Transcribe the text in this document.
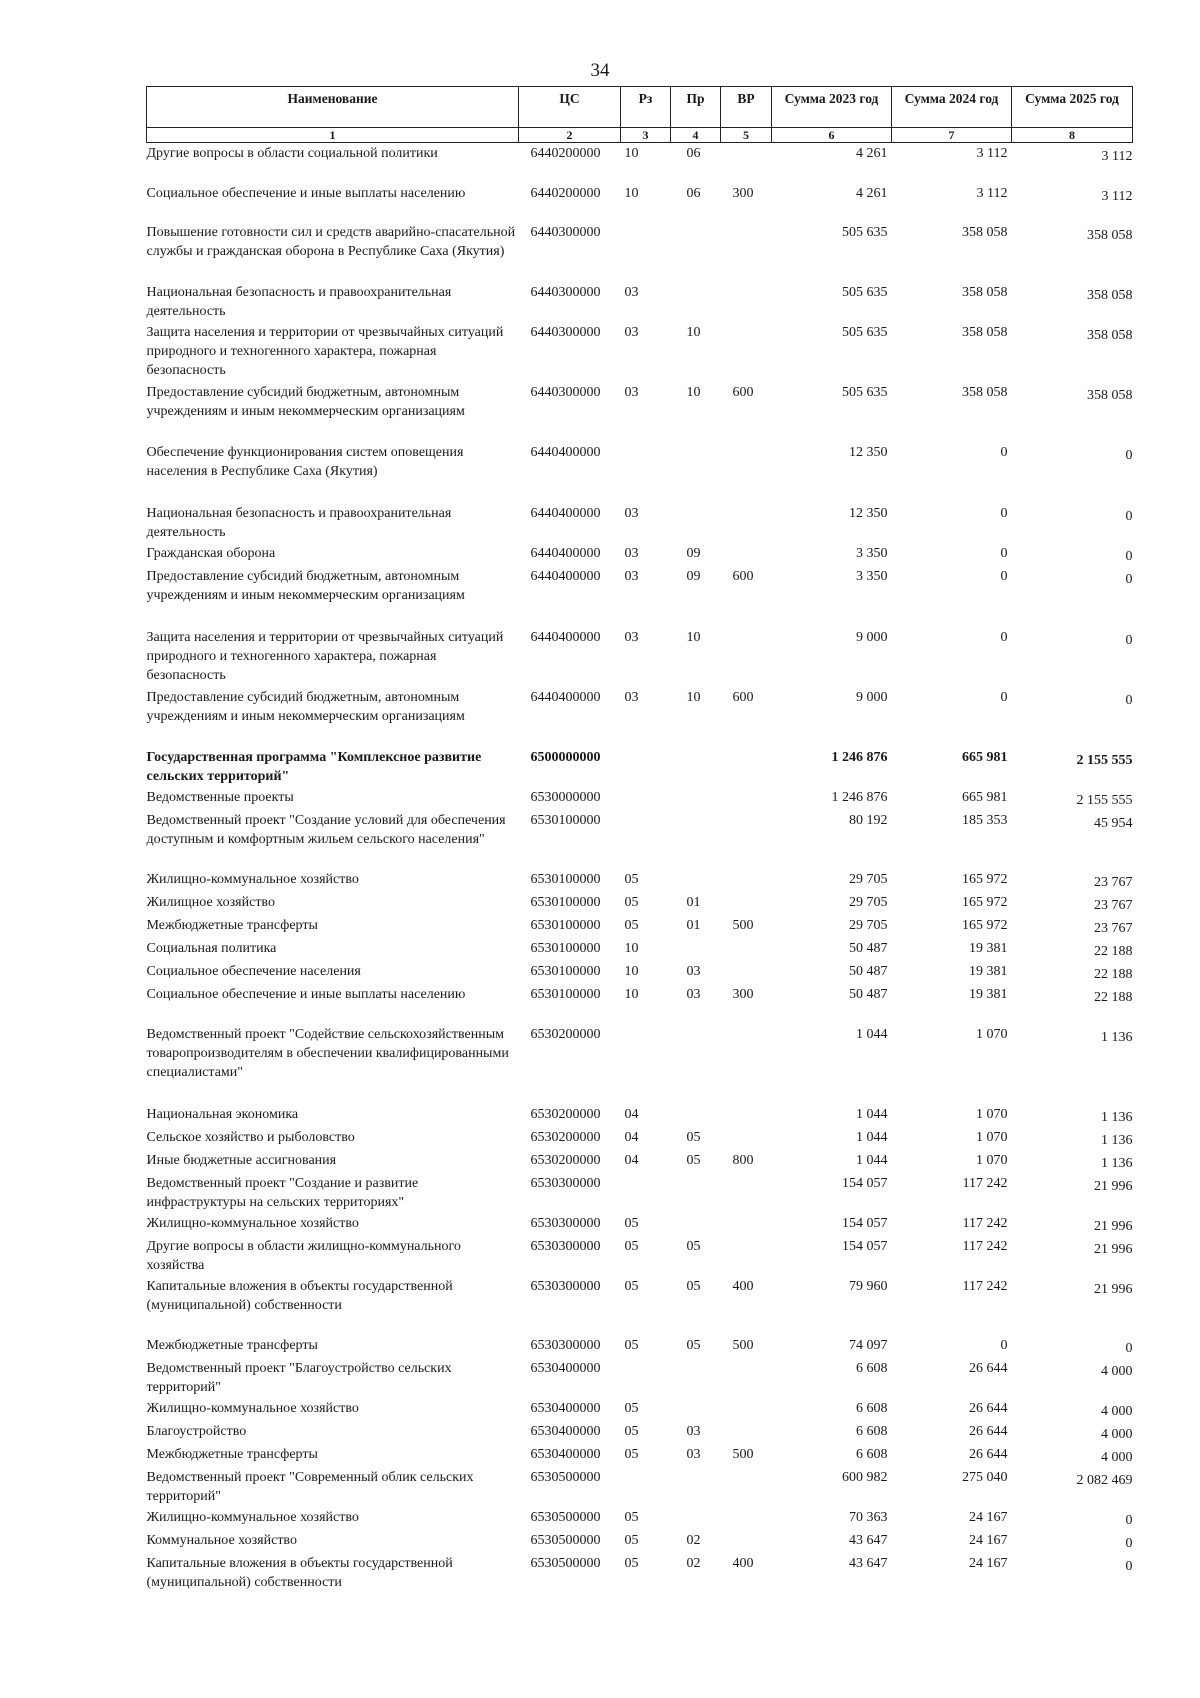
34
Наименование	ЦС	Рз	Пр	ВР	Сумма 2023 год	Сумма 2024 год	Сумма 2025 год
1	2	3	4	5	6	7	8
Другие вопросы в области социальной политики	6440200000	10	06		4 261	3 112	3 112
Социальное обеспечение и иные выплаты населению	6440200000	10	06	300	4 261	3 112	3 112
Повышение готовности сил и средств аварийно-спасательной службы и гражданская оборона в Республике Саха (Якутия)	6440300000				505 635	358 058	358 058
Национальная безопасность и правоохранительная деятельность	6440300000	03			505 635	358 058	358 058
Защита населения и территории от чрезвычайных ситуаций природного и техногенного характера, пожарная безопасность	6440300000	03	10		505 635	358 058	358 058
Предоставление субсидий бюджетным, автономным учреждениям и иным некоммерческим организациям	6440300000	03	10	600	505 635	358 058	358 058
Обеспечение функционирования систем оповещения населения в Республике Саха (Якутия)	6440400000				12 350	0	0
Национальная безопасность и правоохранительная деятельность	6440400000	03			12 350	0	0
Гражданская оборона	6440400000	03	09		3 350	0	0
Предоставление субсидий бюджетным, автономным учреждениям и иным некоммерческим организациям	6440400000	03	09	600	3 350	0	0
Защита населения и территории от чрезвычайных ситуаций природного и техногенного характера, пожарная безопасность	6440400000	03	10		9 000	0	0
Предоставление субсидий бюджетным, автономным учреждениям и иным некоммерческим организациям	6440400000	03	10	600	9 000	0	0
Государственная программа "Комплексное развитие сельских территорий"	6500000000				1 246 876	665 981	2 155 555
Ведомственные проекты	6530000000				1 246 876	665 981	2 155 555
Ведомственный проект "Создание условий для обеспечения доступным и комфортным жильем сельского населения"	6530100000				80 192	185 353	45 954
Жилищно-коммунальное хозяйство	6530100000	05			29 705	165 972	23 767
Жилищное хозяйство	6530100000	05	01		29 705	165 972	23 767
Межбюджетные трансферты	6530100000	05	01	500	29 705	165 972	23 767
Социальная политика	6530100000	10			50 487	19 381	22 188
Социальное обеспечение населения	6530100000	10	03		50 487	19 381	22 188
Социальное обеспечение и иные выплаты населению	6530100000	10	03	300	50 487	19 381	22 188
Ведомственный проект "Содействие сельскохозяйственным товаропроизводителям в обеспечении квалифицированными специалистами"	6530200000				1 044	1 070	1 136
Национальная экономика	6530200000	04			1 044	1 070	1 136
Сельское хозяйство и рыболовство	6530200000	04	05		1 044	1 070	1 136
Иные бюджетные ассигнования	6530200000	04	05	800	1 044	1 070	1 136
Ведомственный проект "Создание и развитие инфраструктуры на сельских территориях"	6530300000				154 057	117 242	21 996
Жилищно-коммунальное хозяйство	6530300000	05			154 057	117 242	21 996
Другие вопросы в области жилищно-коммунального хозяйства	6530300000	05	05		154 057	117 242	21 996
Капитальные вложения в объекты государственной (муниципальной) собственности	6530300000	05	05	400	79 960	117 242	21 996
Межбюджетные трансферты	6530300000	05	05	500	74 097	0	0
Ведомственный проект "Благоустройство сельских территорий"	6530400000				6 608	26 644	4 000
Жилищно-коммунальное хозяйство	6530400000	05			6 608	26 644	4 000
Благоустройство	6530400000	05	03		6 608	26 644	4 000
Межбюджетные трансферты	6530400000	05	03	500	6 608	26 644	4 000
Ведомственный проект "Современный облик сельских территорий"	6530500000				600 982	275 040	2 082 469
Жилищно-коммунальное хозяйство	6530500000	05			70 363	24 167	0
Коммунальное хозяйство	6530500000	05	02		43 647	24 167	0
Капитальные вложения в объекты государственной (муниципальной) собственности	6530500000	05	02	400	43 647	24 167	0
